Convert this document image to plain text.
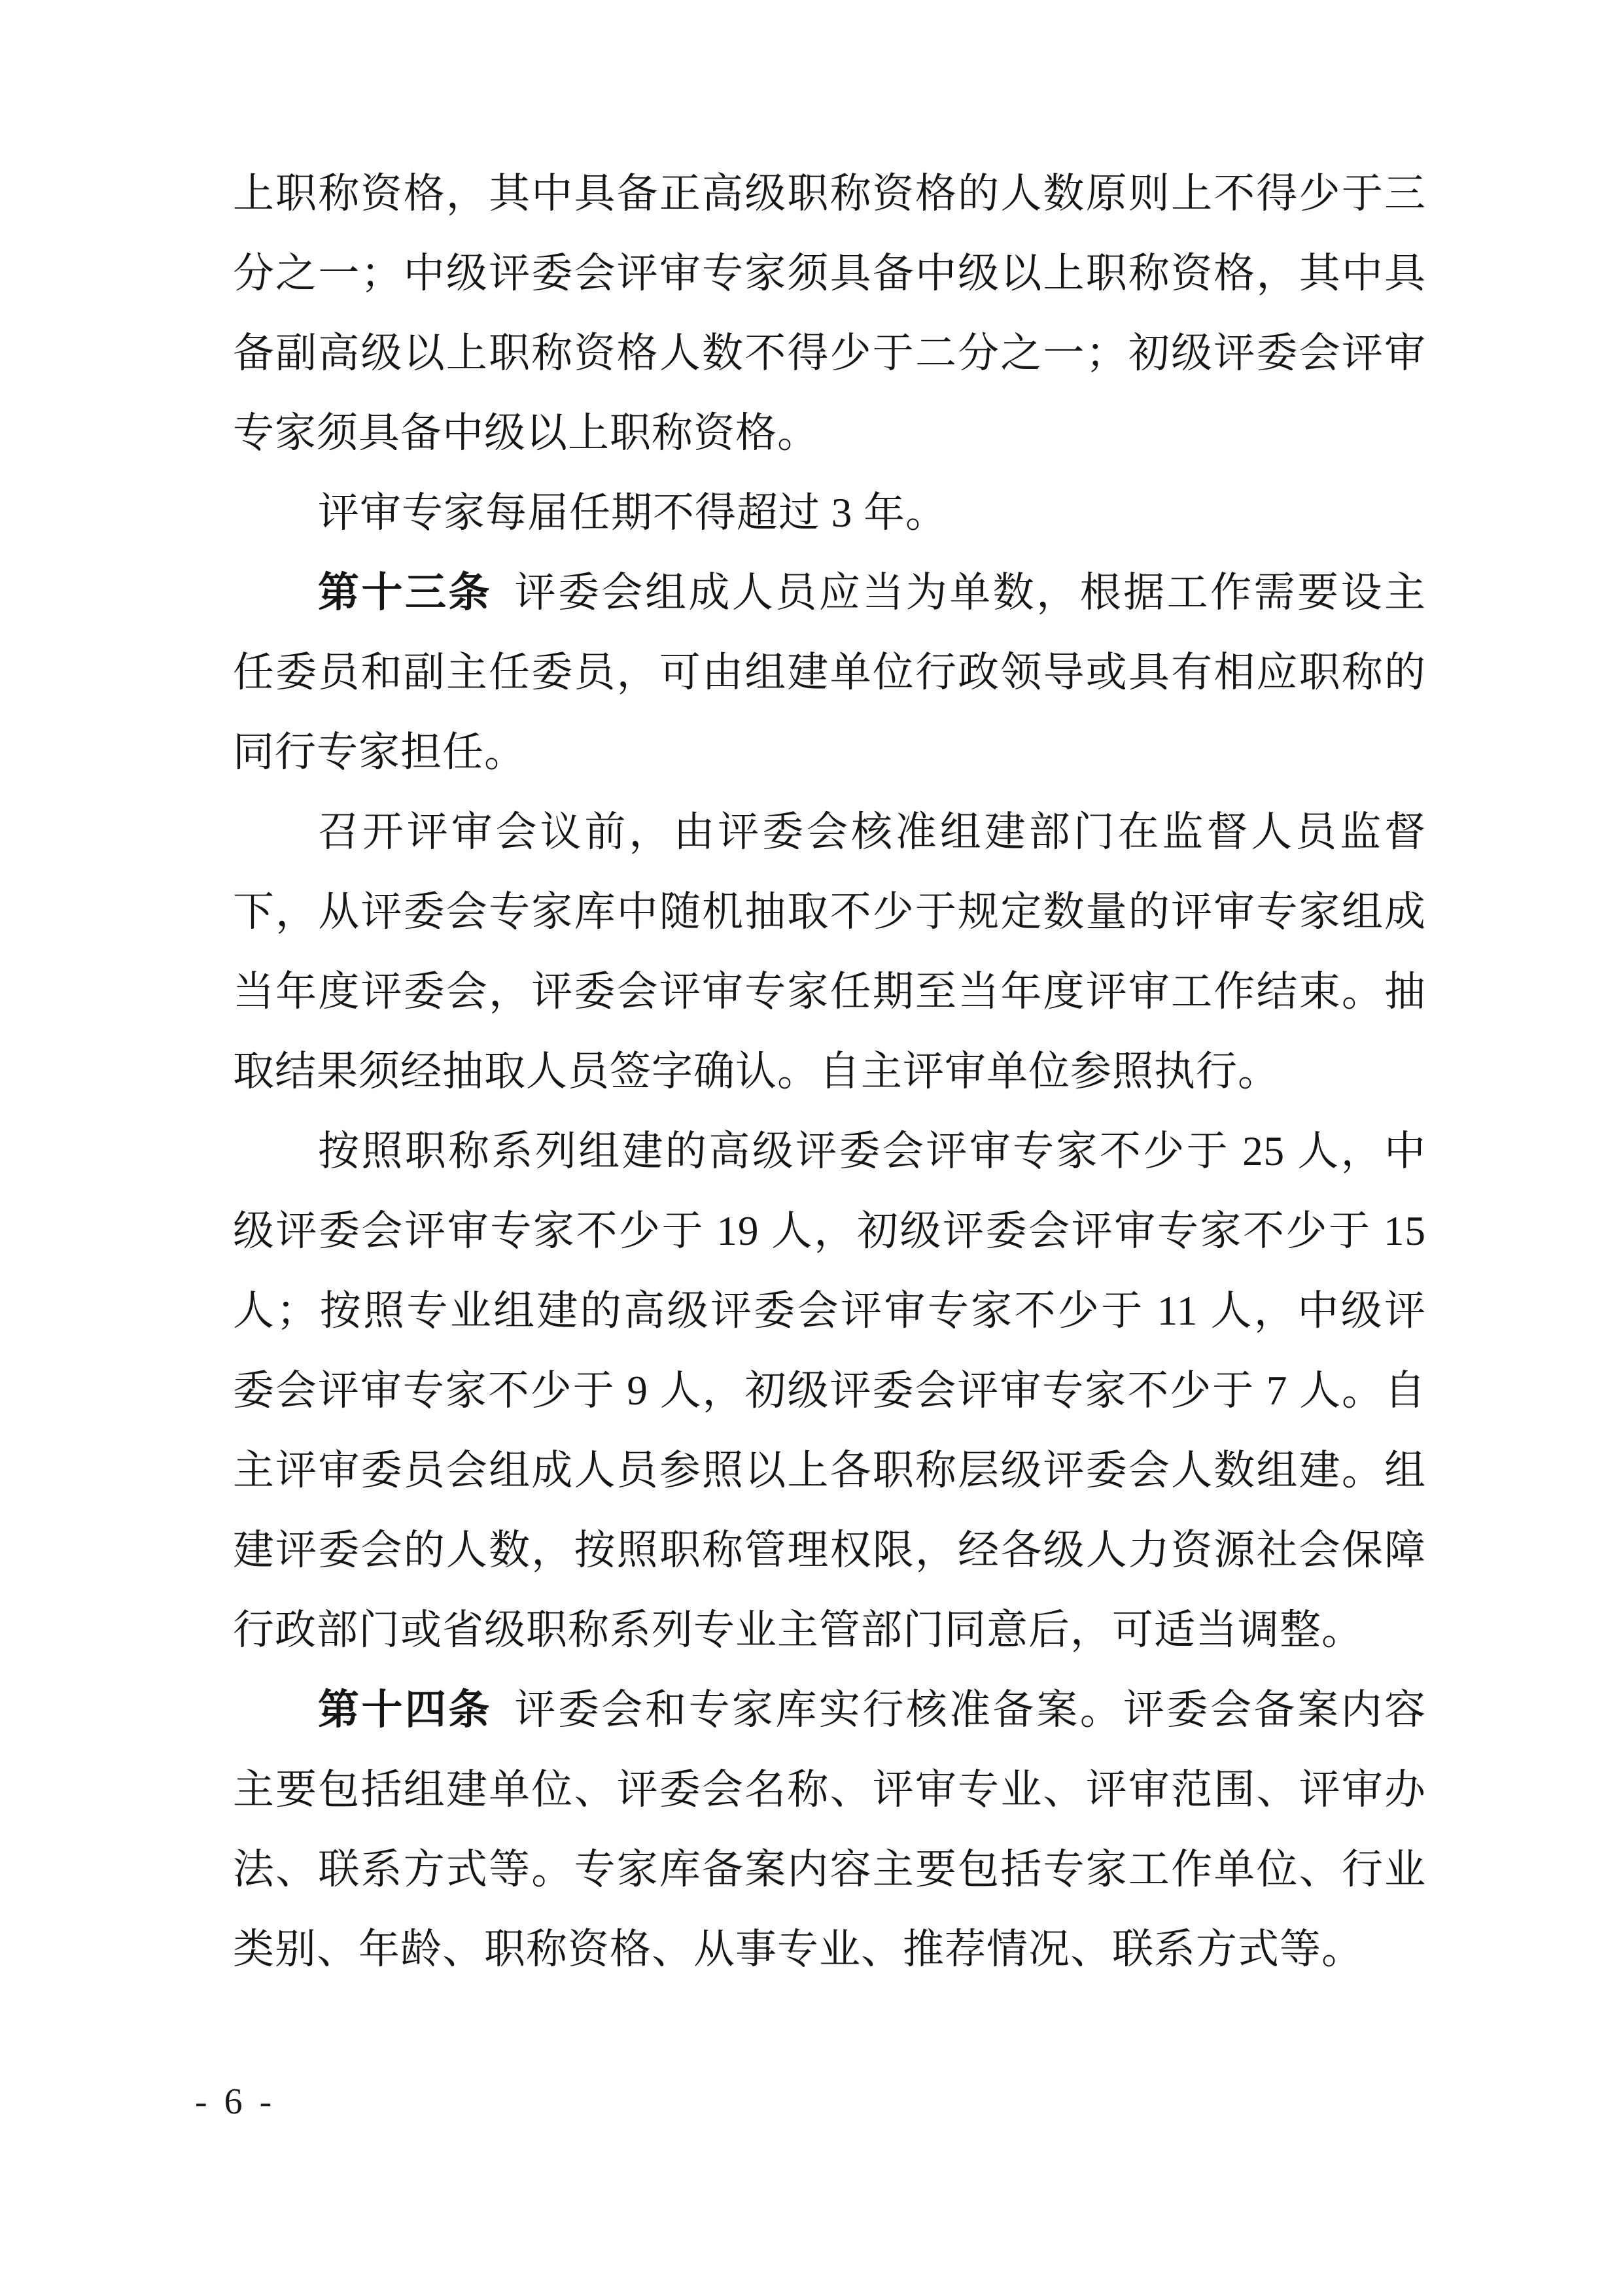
上职称资格，其中具备正高级职称资格的人数原则上不得少于三
分之一；中级评委会评审专家须具备中级以上职称资格，其中具
备副高级以上职称资格人数不得少于二分之一；初级评委会评审
专家须具备中级以上职称资格。
评审专家每届任期不得超过 3 年。
第十三条 评委会组成人员应当为单数，根据工作需要设主
任委员和副主任委员，可由组建单位行政领导或具有相应职称的
同行专家担任。
召开评审会议前，由评委会核准组建部门在监督人员监督
下，从评委会专家库中随机抽取不少于规定数量的评审专家组成
当年度评委会，评委会评审专家任期至当年度评审工作结束。抽
取结果须经抽取人员签字确认。自主评审单位参照执行。
按照职称系列组建的高级评委会评审专家不少于 25 人，中
级评委会评审专家不少于 19 人，初级评委会评审专家不少于 15
人；按照专业组建的高级评委会评审专家不少于 11 人，中级评
委会评审专家不少于 9 人，初级评委会评审专家不少于 7 人。自
主评审委员会组成人员参照以上各职称层级评委会人数组建。组
建评委会的人数，按照职称管理权限，经各级人力资源社会保障
行政部门或省级职称系列专业主管部门同意后，可适当调整。
第十四条 评委会和专家库实行核准备案。评委会备案内容
主要包括组建单位、评委会名称、评审专业、评审范围、评审办
法、联系方式等。专家库备案内容主要包括专家工作单位、行业
类别、年龄、职称资格、从事专业、推荐情况、联系方式等。
- 6 -
